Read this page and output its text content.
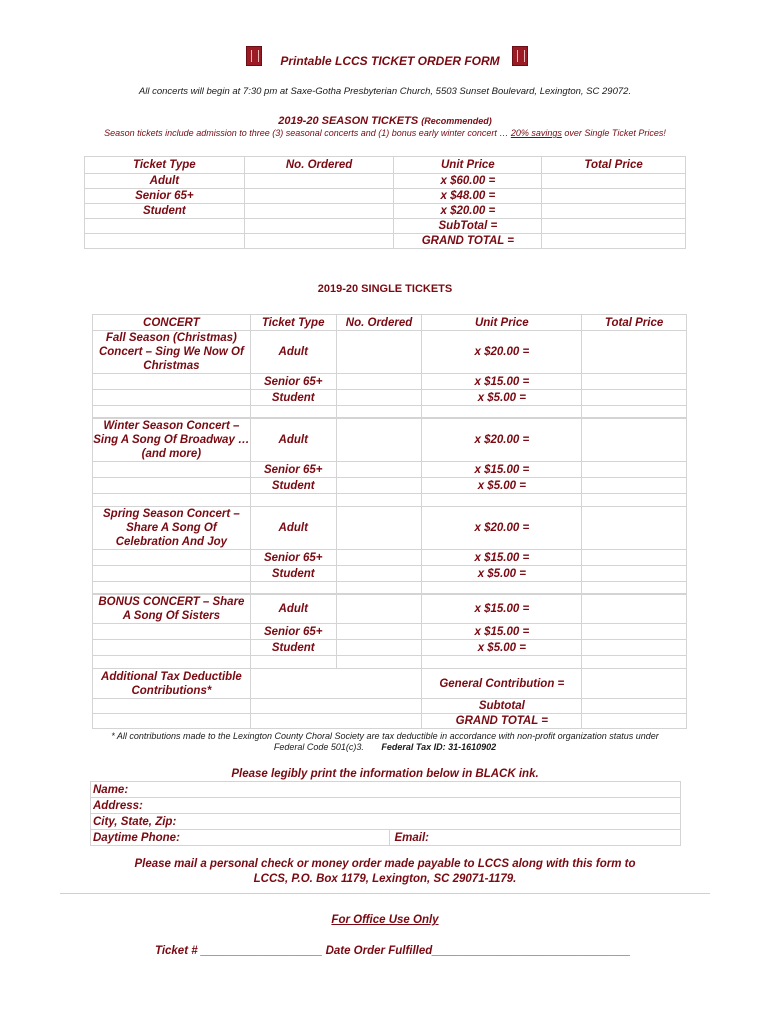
Printable LCCS TICKET ORDER FORM
All concerts will begin at 7:30 pm at Saxe-Gotha Presbyterian Church, 5503 Sunset Boulevard, Lexington, SC 29072.
2019-20 SEASON TICKETS (Recommended)
Season tickets include admission to three (3) seasonal concerts and (1) bonus early winter concert … 20% savings over Single Ticket Prices!
Ticket Type	No. Ordered	Unit Price	Total Price
Adult		x $60.00 =	
Senior 65+		x $48.00 =	
Student		x $20.00 =	
		SubTotal =	
		GRAND TOTAL =	
2019-20 SINGLE TICKETS
CONCERT	Ticket Type	No. Ordered	Unit Price	Total Price
Fall Season (Christmas) Concert – Sing We Now Of Christmas	Adult		x $20.00 =	
	Senior 65+		x $15.00 =	
	Student		x $5.00 =	

Winter Season Concert – Sing A Song Of Broadway … (and more)	Adult		x $20.00 =	
	Senior 65+		x $15.00 =	
	Student		x $5.00 =	

Spring Season Concert – Share A Song Of Celebration And Joy	Adult		x $20.00 =	
	Senior 65+		x $15.00 =	
	Student		x $5.00 =	

BONUS CONCERT – Share A Song Of Sisters	Adult		x $15.00 =	
	Senior 65+		x $15.00 =	
	Student		x $5.00 =	

Additional Tax Deductible Contributions*		General Contribution =	
		Subtotal	
		GRAND TOTAL =	
* All contributions made to the Lexington County Choral Society are tax deductible in accordance with non-profit organization status under
Federal Code 501(c)3. Federal Tax ID: 31-1610902
Please legibly print the information below in BLACK ink.
Name:
Address:
City, State, Zip:
Daytime Phone:	Email:
Please mail a personal check or money order made payable to LCCS along with this form to
LCCS, P.O. Box 1179, Lexington, SC 29071-1179.
For Office Use Only
Ticket # ___________________ Date Order Fulfilled_______________________________
